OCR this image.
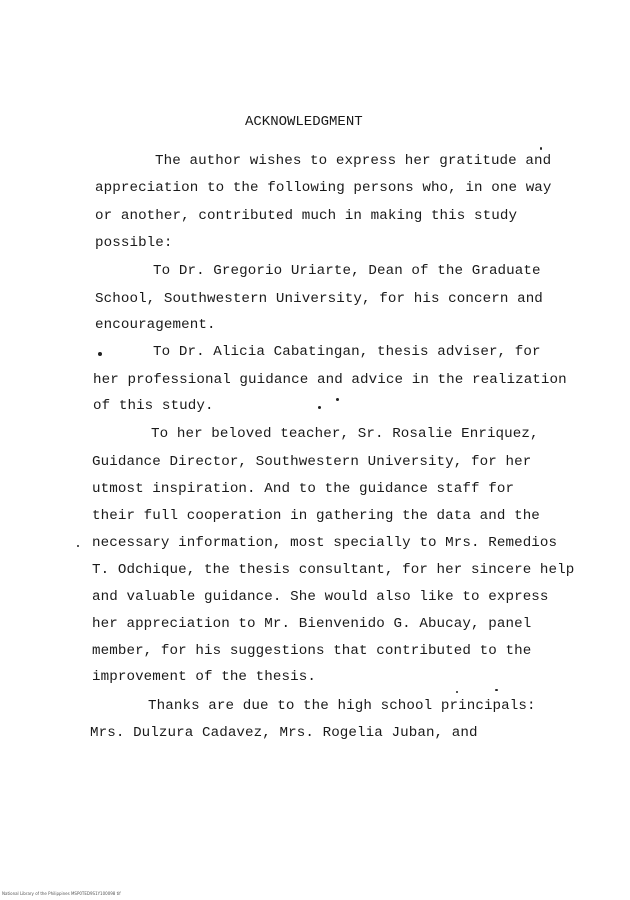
ACKNOWLEDGMENT
The author wishes to express her gratitude and
appreciation to the following persons who, in one way
or another, contributed much in making this study
possible:
To Dr. Gregorio Uriarte, Dean of the Graduate
School, Southwestern University, for his concern and
encouragement.
To Dr. Alicia Cabatingan, thesis adviser, for
her professional guidance and advice in the realization
of this study.
To her beloved teacher, Sr. Rosalie Enriquez,
Guidance Director, Southwestern University, for her
utmost inspiration. And to the guidance staff for
their full cooperation in gathering the data and the
necessary information, most specially to Mrs. Remedios
T. Odchique, the thesis consultant, for her sincere help
and valuable guidance. She would also like to express
her appreciation to Mr. Bienvenido G. Abucay, panel
member, for his suggestions that contributed to the
improvement of the thesis.
Thanks are due to the high school principals:
Mrs. Dulzura Cadavez, Mrs. Rogelia Juban, and
National Library of the Philippines MSP0TED9S1Y100098 tif
